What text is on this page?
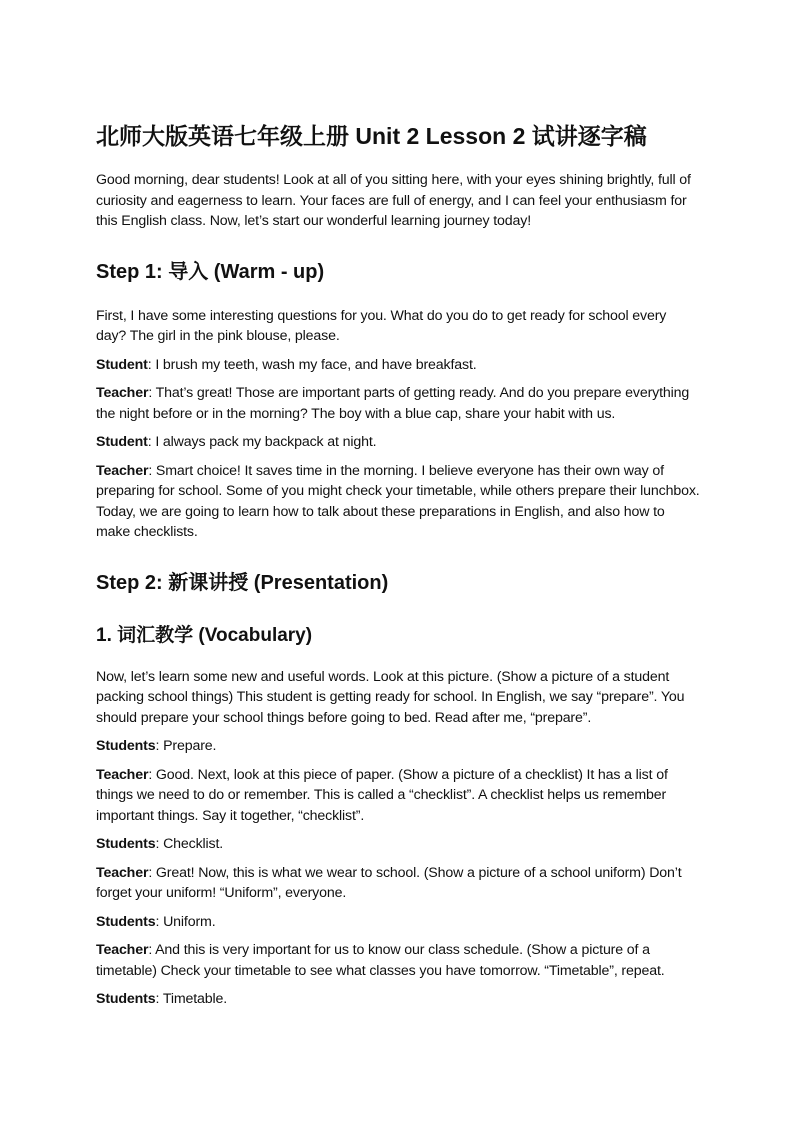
北师大版英语七年级上册 Unit 2 Lesson 2 试讲逐字稿

Good morning, dear students! Look at all of you sitting here, with your eyes shining brightly, full of curiosity and eagerness to learn. Your faces are full of energy, and I can feel your enthusiasm for this English class. Now, let’s start our wonderful learning journey today!

Step 1: 导入 (Warm - up)

First, I have some interesting questions for you. What do you do to get ready for school every day? The girl in the pink blouse, please.

Student: I brush my teeth, wash my face, and have breakfast.

Teacher: That’s great! Those are important parts of getting ready. And do you prepare everything the night before or in the morning? The boy with a blue cap, share your habit with us.

Student: I always pack my backpack at night.

Teacher: Smart choice! It saves time in the morning. I believe everyone has their own way of preparing for school. Some of you might check your timetable, while others prepare their lunchbox. Today, we are going to learn how to talk about these preparations in English, and also how to make checklists.

Step 2: 新课讲授 (Presentation)
1. 词汇教学 (Vocabulary)

Now, let’s learn some new and useful words. Look at this picture. (Show a picture of a student packing school things) This student is getting ready for school. In English, we say “prepare”. You should prepare your school things before going to bed. Read after me, “prepare”.

Students: Prepare.

Teacher: Good. Next, look at this piece of paper. (Show a picture of a checklist) It has a list of things we need to do or remember. This is called a “checklist”. A checklist helps us remember important things. Say it together, “checklist”.

Students: Checklist.

Teacher: Great! Now, this is what we wear to school. (Show a picture of a school uniform) Don’t forget your uniform! “Uniform”, everyone.

Students: Uniform.

Teacher: And this is very important for us to know our class schedule. (Show a picture of a timetable) Check your timetable to see what classes you have tomorrow. “Timetable”, repeat.

Students: Timetable.
